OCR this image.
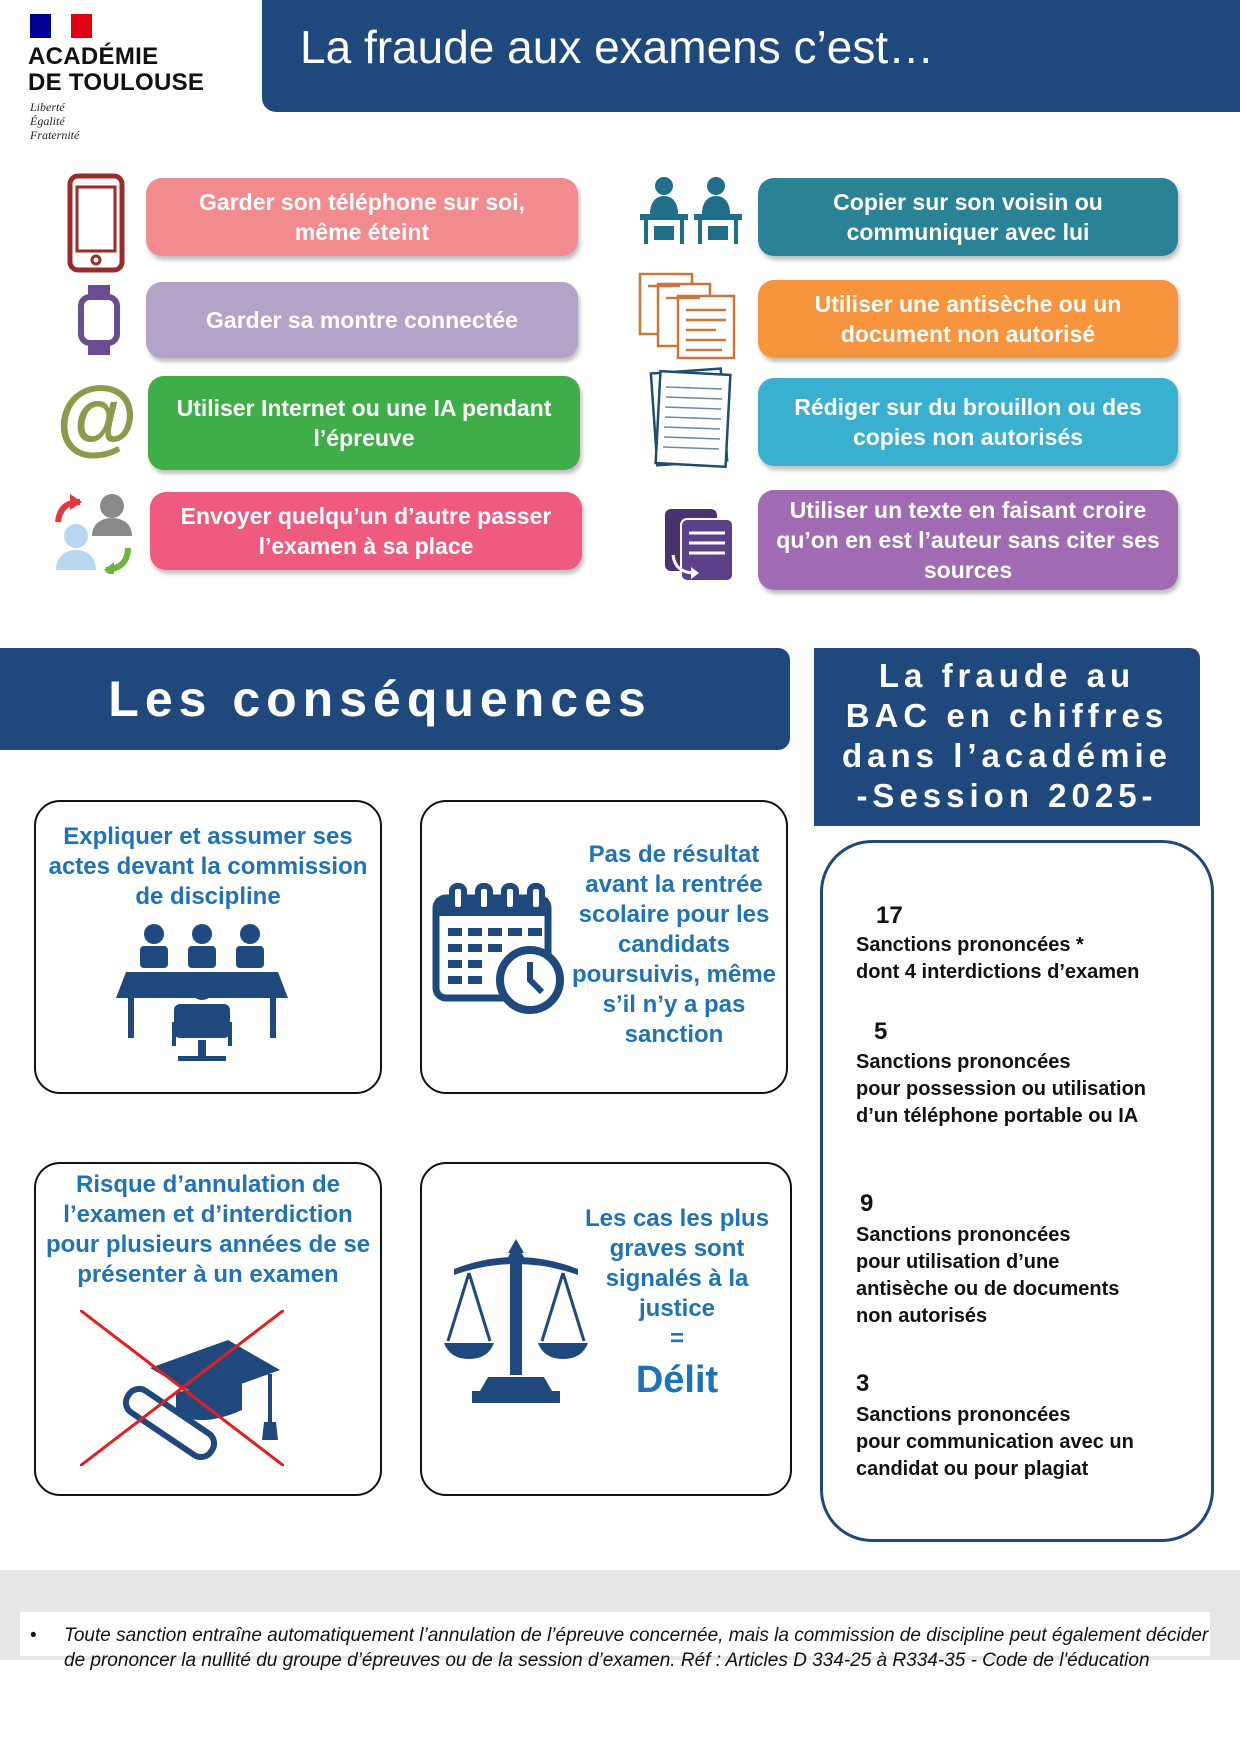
ACADÉMIE
DE TOULOUSE
Liberté
Égalité
Fraternité
La fraude aux examens c’est…
@
Garder son téléphone sur soi, même éteint
Garder sa montre connectée
Utiliser Internet ou une IA pendant l’épreuve
Envoyer quelqu’un d’autre passer l’examen à sa place
Copier sur son voisin ou communiquer avec lui
Utiliser une antisèche ou un document non autorisé
Rédiger sur du brouillon ou des copies non autorisés
Utiliser un texte en faisant croire qu’on en est l’auteur sans citer ses sources
Les conséquences
Expliquer et assumer ses actes devant la commission de discipline
Pas de résultat avant la rentrée scolaire pour les candidats poursuivis, même s’il n’y a pas sanction
Risque d’annulation de l’examen et d’interdiction pour plusieurs années de se présenter à un examen
Les cas les plus graves sont signalés à la justice
=
Délit
La fraude au
BAC en chiffres
dans l’académie
-Session 2025-
17
Sanctions prononcées *
dont 4 interdictions d’examen
5
Sanctions prononcées
pour possession ou utilisation
d’un téléphone portable ou IA
9
Sanctions prononcées
pour utilisation d’une
antisèche ou de documents
non autorisés
3
Sanctions prononcées
pour communication avec un
candidat ou pour plagiat
• Toute sanction entraîne automatiquement l’annulation de l’épreuve concernée, mais la commission de discipline peut également décider de prononcer la nullité du groupe d’épreuves ou de la session d’examen. Réf : Articles D 334-25 à R334-35 - Code de l'éducation
